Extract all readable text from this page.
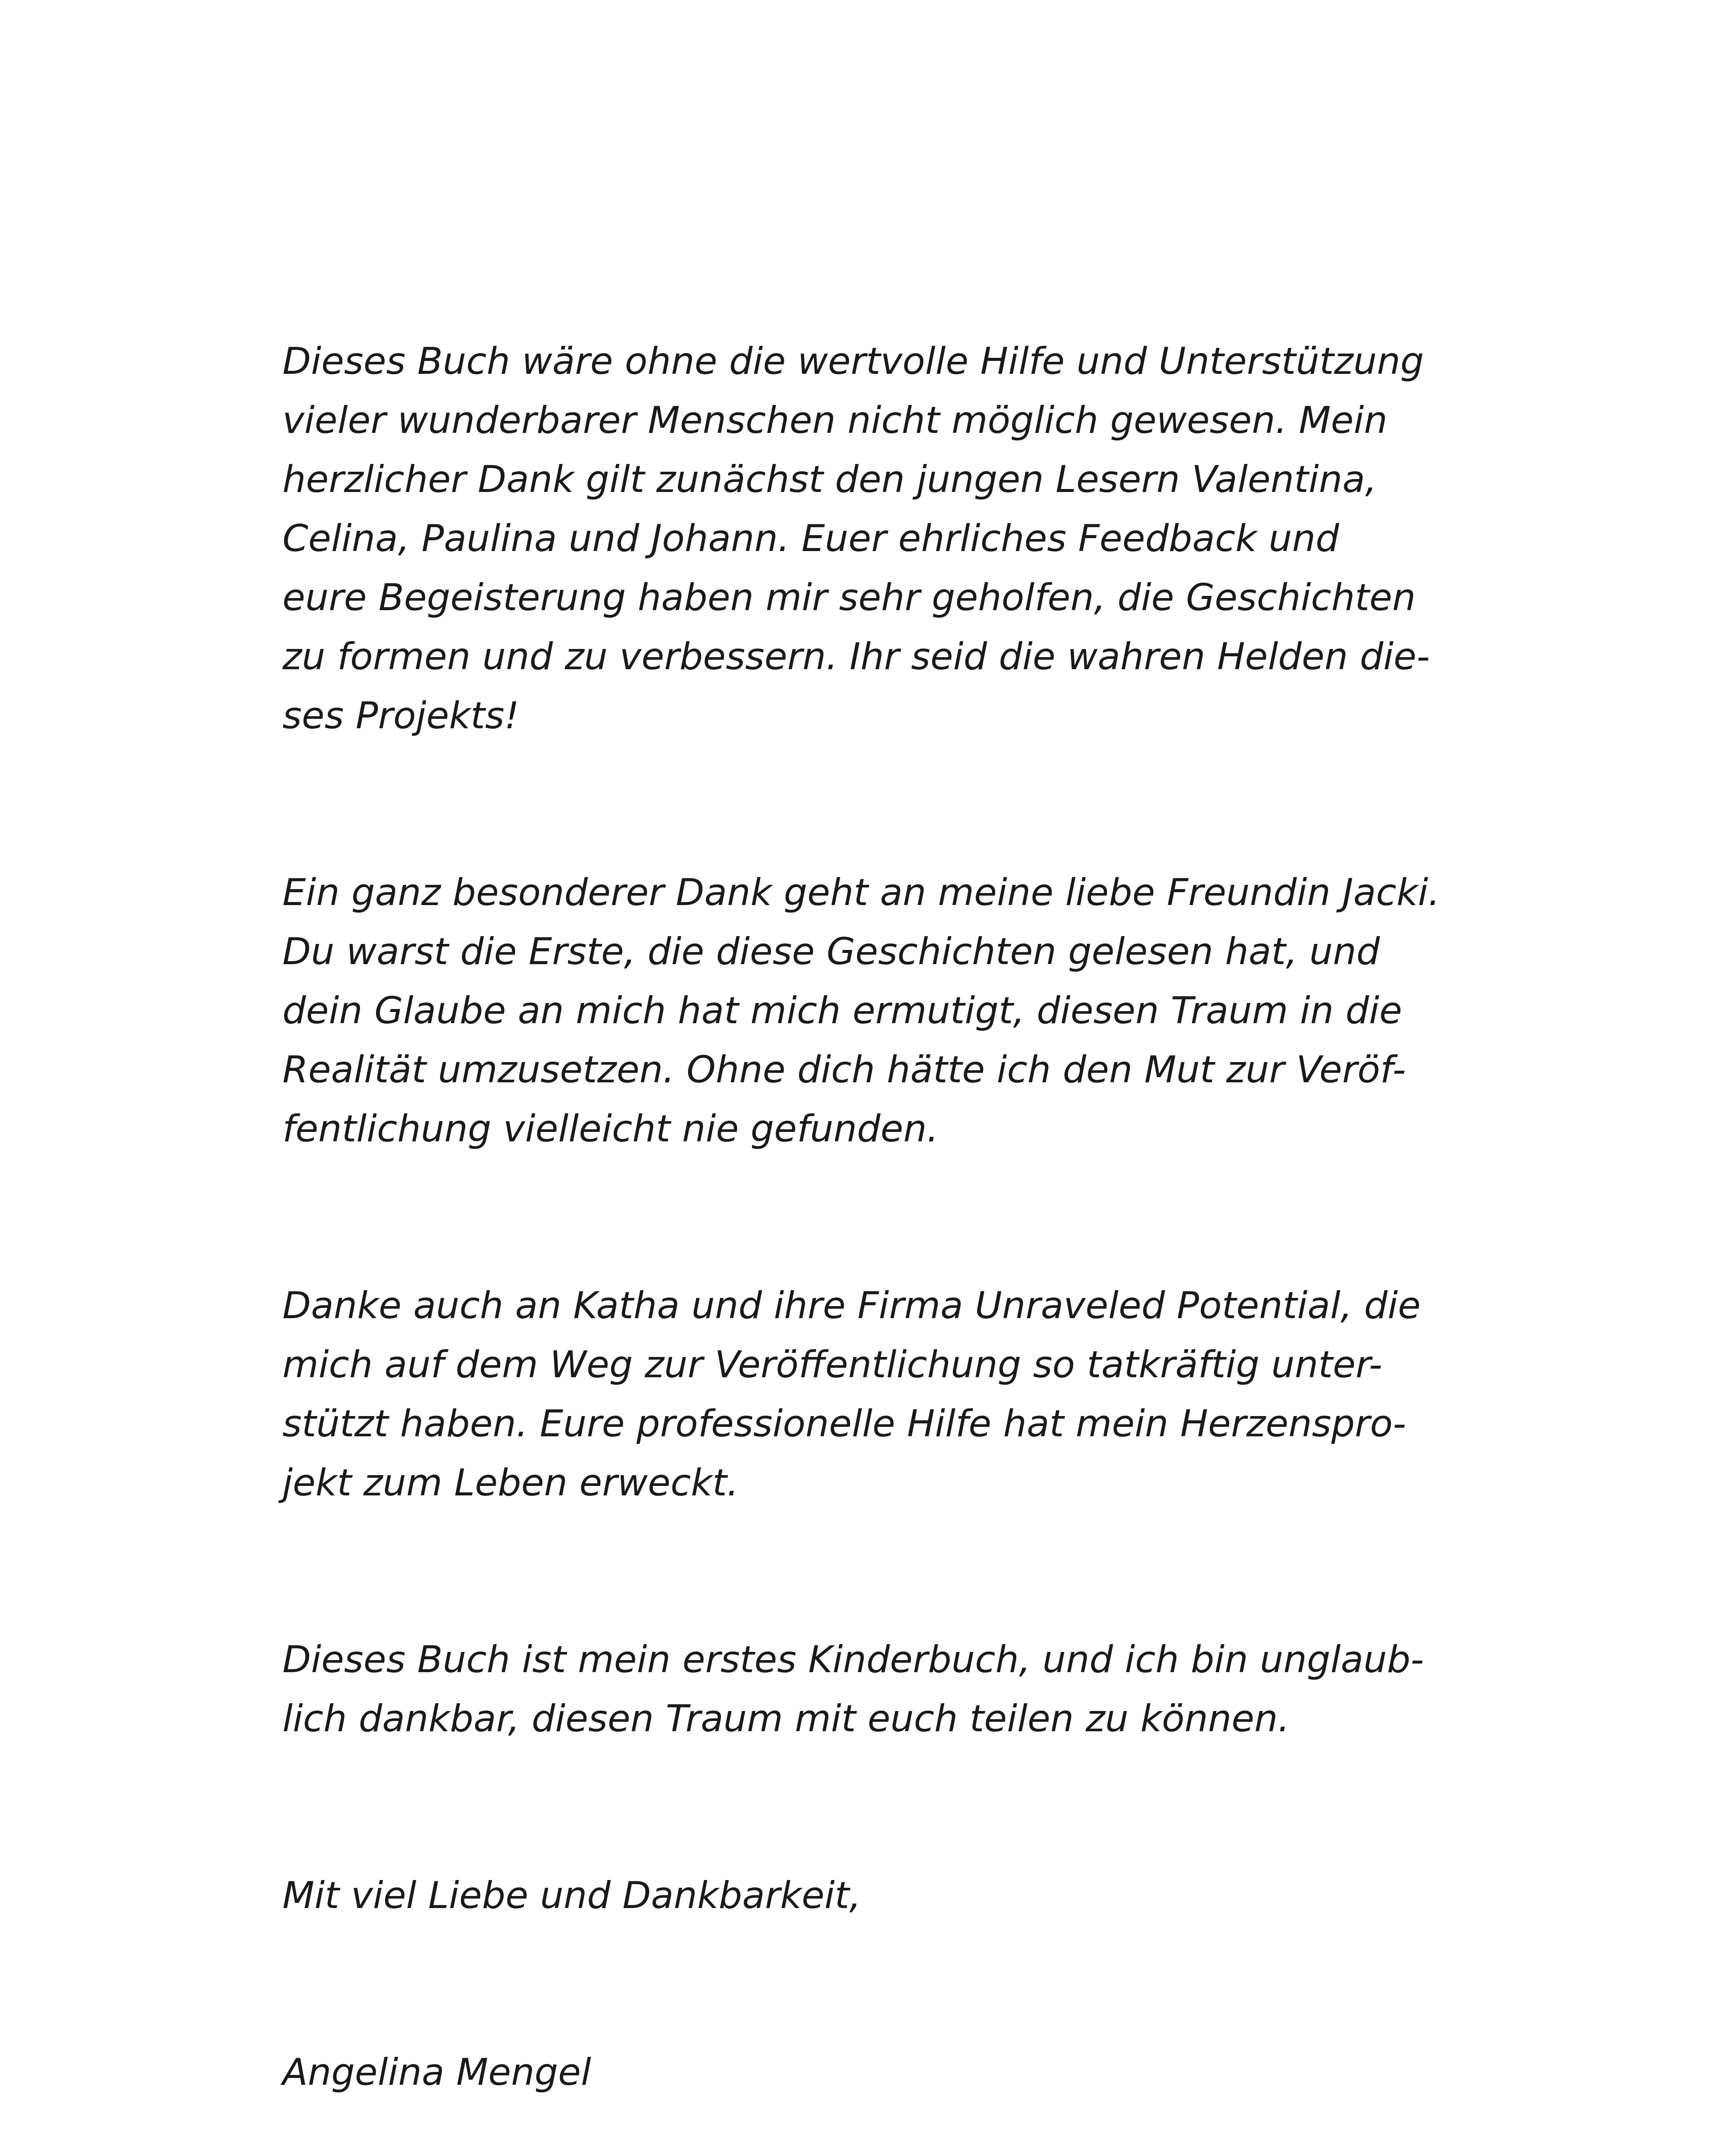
Dieses Buch wäre ohne die wertvolle Hilfe und Unterstützung
vieler wunderbarer Menschen nicht möglich gewesen. Mein
herzlicher Dank gilt zunächst den jungen Lesern Valentina,
Celina, Paulina und Johann. Euer ehrliches Feedback und
eure Begeisterung haben mir sehr geholfen, die Geschichten
zu formen und zu verbessern. Ihr seid die wahren Helden die-
ses Projekts!
Ein ganz besonderer Dank geht an meine liebe Freundin Jacki.
Du warst die Erste, die diese Geschichten gelesen hat, und
dein Glaube an mich hat mich ermutigt, diesen Traum in die
Realität umzusetzen. Ohne dich hätte ich den Mut zur Veröf-
fentlichung vielleicht nie gefunden.
Danke auch an Katha und ihre Firma Unraveled Potential, die
mich auf dem Weg zur Veröffentlichung so tatkräftig unter-
stützt haben. Eure professionelle Hilfe hat mein Herzenspro-
jekt zum Leben erweckt.
Dieses Buch ist mein erstes Kinderbuch, und ich bin unglaub-
lich dankbar, diesen Traum mit euch teilen zu können.
Mit viel Liebe und Dankbarkeit,
Angelina Mengel
